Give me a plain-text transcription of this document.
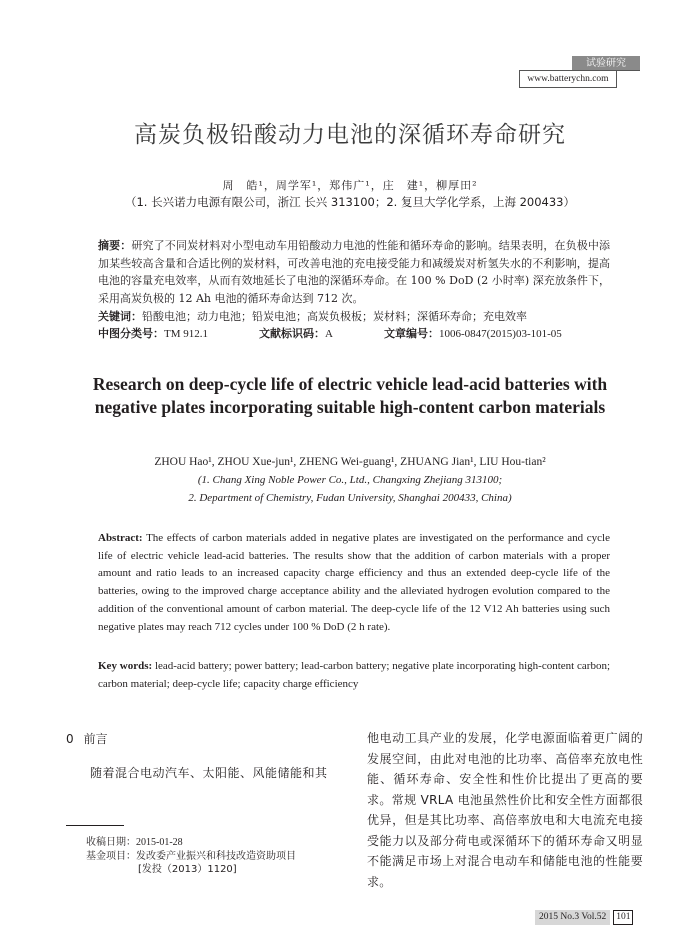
试验研究
www.batterychn.com
高炭负极铅酸动力电池的深循环寿命研究
周　皓¹，周学军¹，郑伟广¹，庄　建¹，柳厚田²
（1. 长兴诺力电源有限公司，浙江 长兴 313100；2. 复旦大学化学系，上海 200433）
摘要：研究了不同炭材料对小型电动车用铅酸动力电池的性能和循环寿命的影响。结果表明，在负极中添加某些较高含量和合适比例的炭材料，可改善电池的充电接受能力和减缓炭对析氢失水的不利影响，提高电池的容量充电效率，从而有效地延长了电池的深循环寿命。在 100 % DoD (2 小时率) 深充放条件下，采用高炭负极的 12 Ah 电池的循环寿命达到 712 次。
关键词：铅酸电池；动力电池；铅炭电池；高炭负极板；炭材料；深循环寿命；充电效率
中图分类号：TM 912.1	文献标识码：A	文章编号：1006-0847(2015)03-101-05
Research on deep-cycle life of electric vehicle lead-acid batteries with negative plates incorporating suitable high-content carbon materials
ZHOU Hao¹, ZHOU Xue-jun¹, ZHENG Wei-guang¹, ZHUANG Jian¹, LIU Hou-tian²
(1. Chang Xing Noble Power Co., Ltd., Changxing Zhejiang 313100;
2. Department of Chemistry, Fudan University, Shanghai 200433, China)
Abstract: The effects of carbon materials added in negative plates are investigated on the performance and cycle life of electric vehicle lead-acid batteries. The results show that the addition of carbon materials with a proper amount and ratio leads to an increased capacity charge efficiency and thus an extended deep-cycle life of the batteries, owing to the improved charge acceptance ability and the alleviated hydrogen evolution compared to the addition of the conventional amount of carbon material. The deep-cycle life of the 12 V12 Ah batteries using such negative plates may reach 712 cycles under 100 % DoD (2 h rate).
Key words: lead-acid battery; power battery; lead-carbon battery; negative plate incorporating high-content carbon; carbon material; deep-cycle life; capacity charge efficiency
0 前言
随着混合电动汽车、太阳能、风能储能和其
收稿日期：2015-01-28
基金项目：发改委产业振兴和科技改造资助项目
[发投（2013）1120]
他电动工具产业的发展，化学电源面临着更广阔的发展空间，由此对电池的比功率、高倍率充放电性能、循环寿命、安全性和性价比提出了更高的要求。常规 VRLA 电池虽然性价比和安全性方面都很优异，但是其比功率、高倍率放电和大电流充电接受能力以及部分荷电或深循环下的循环寿命又明显不能满足市场上对混合电动车和储能电池的性能要求。
2015 No.3 Vol.52 101
